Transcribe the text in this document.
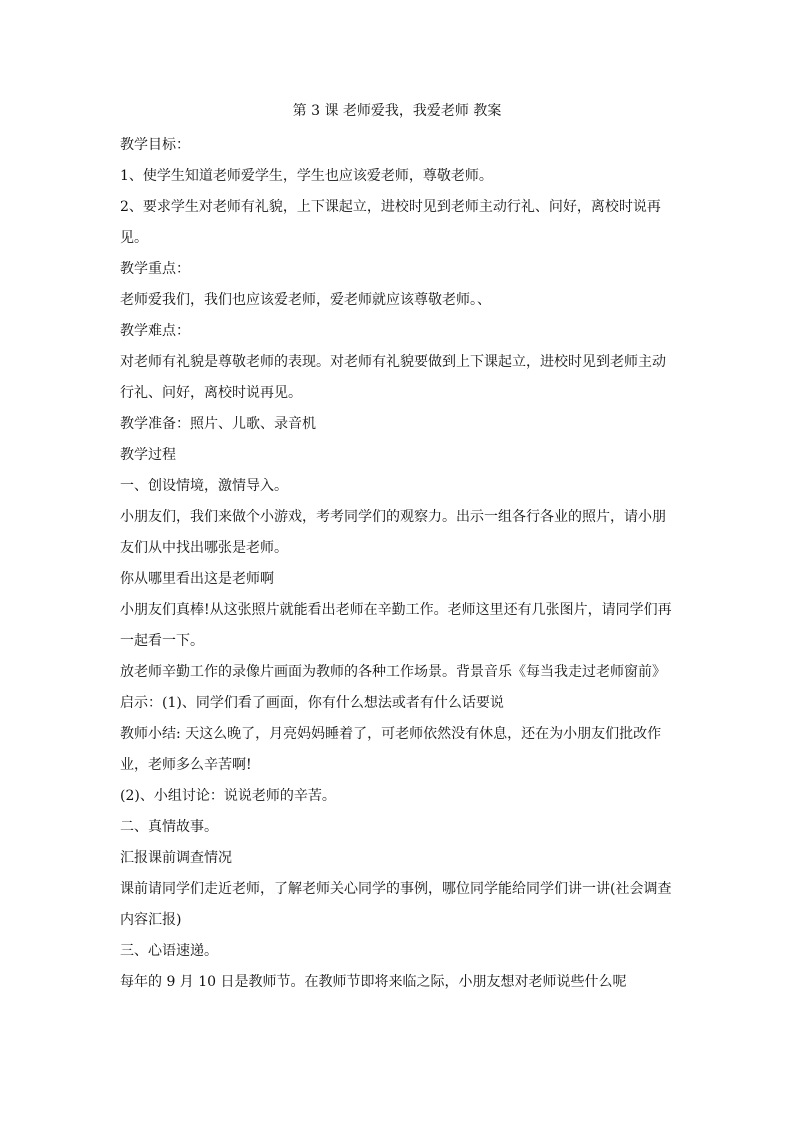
第 3 课 老师爱我，我爱老师 教案

教学目标：

1、使学生知道老师爱学生，学生也应该爱老师，尊敬老师。

2、要求学生对老师有礼貌，上下课起立，进校时见到老师主动行礼、问好，离校时说再见。

教学重点：

老师爱我们，我们也应该爱老师，爱老师就应该尊敬老师。、

教学难点：

对老师有礼貌是尊敬老师的表现。对老师有礼貌要做到上下课起立，进校时见到老师主动行礼、问好，离校时说再见。

教学准备：照片、儿歌、录音机

教学过程

一、创设情境，激情导入。

小朋友们，我们来做个小游戏，考考同学们的观察力。出示一组各行各业的照片，请小朋友们从中找出哪张是老师。

你从哪里看出这是老师啊

小朋友们真棒!从这张照片就能看出老师在辛勤工作。老师这里还有几张图片，请同学们再一起看一下。

放老师辛勤工作的录像片画面为教师的各种工作场景。背景音乐《每当我走过老师窗前》

启示：(1)、同学们看了画面，你有什么想法或者有什么话要说

教师小结: 天这么晚了，月亮妈妈睡着了，可老师依然没有休息，还在为小朋友们批改作业，老师多么辛苦啊!

(2)、小组讨论：说说老师的辛苦。

二、真情故事。

汇报课前调查情况

课前请同学们走近老师，了解老师关心同学的事例，哪位同学能给同学们讲一讲(社会调查内容汇报)

三、心语速递。

每年的 9 月 10 日是教师节。在教师节即将来临之际，小朋友想对老师说些什么呢
